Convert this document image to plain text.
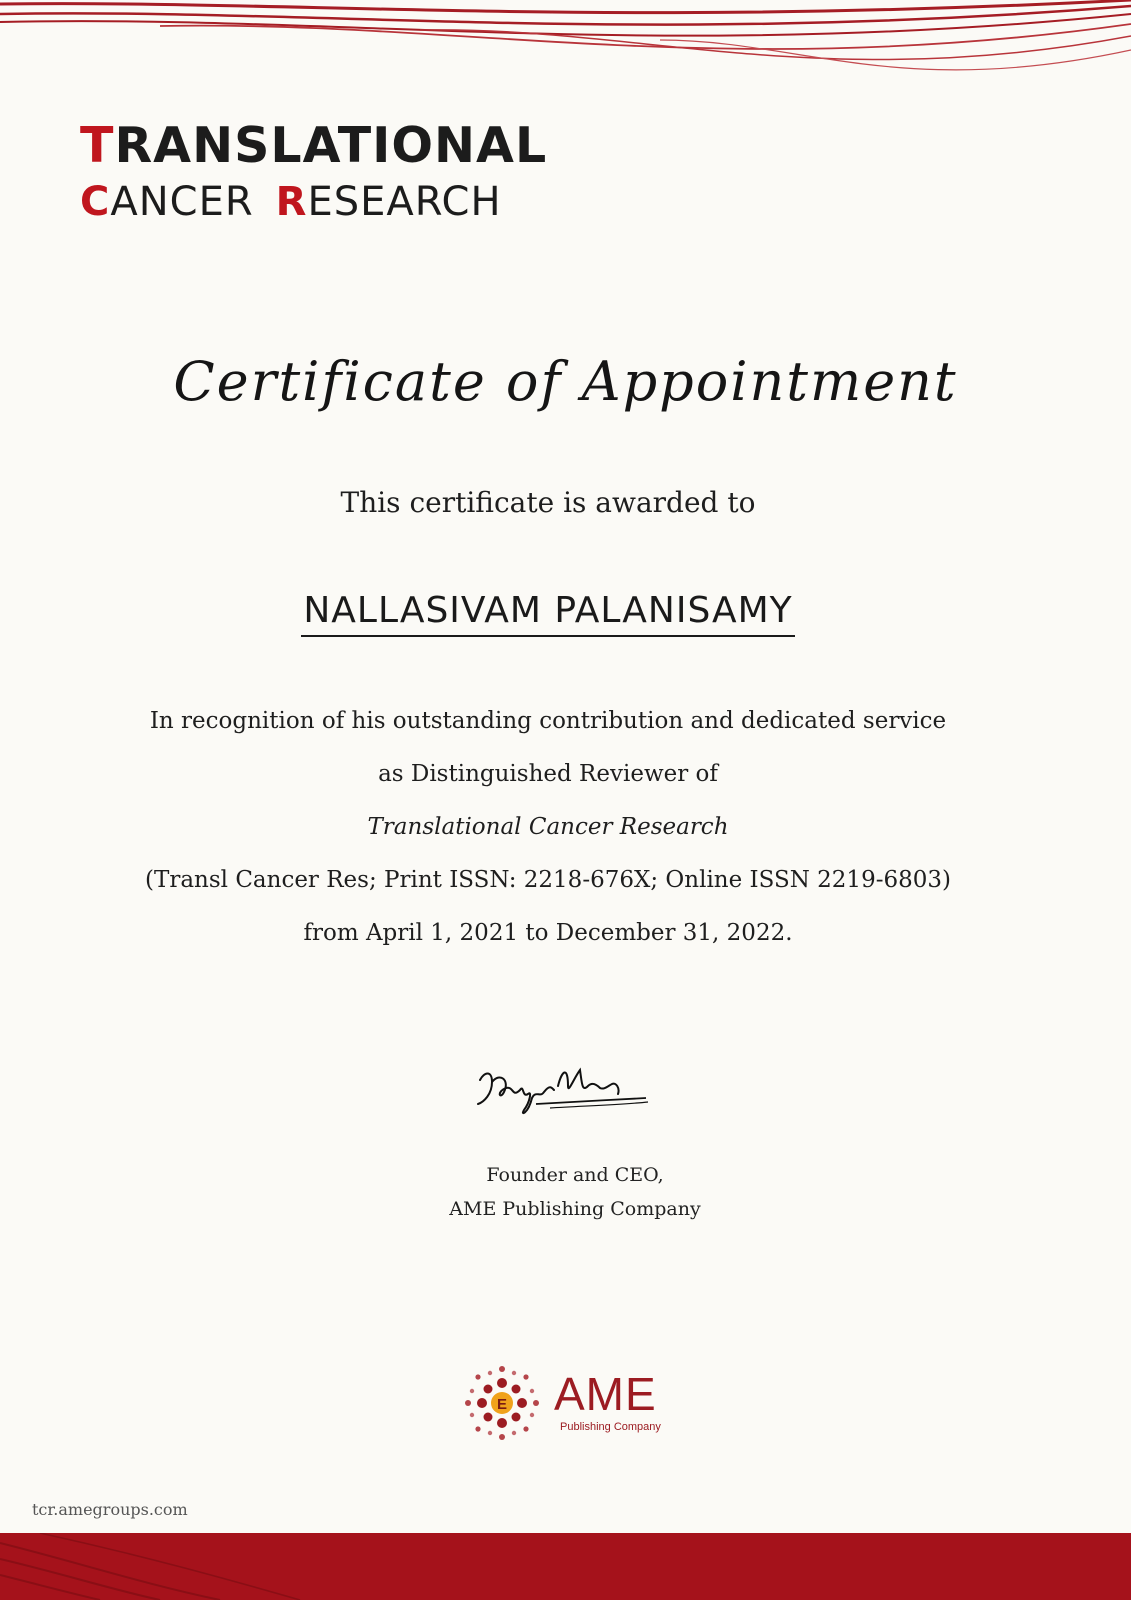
TRANSLATIONAL
CANCER RESEARCH
Certificate of Appointment
This certificate is awarded to
NALLASIVAM PALANISAMY
In recognition of his outstanding contribution and dedicated service
as Distinguished Reviewer of
Translational Cancer Research
(Transl Cancer Res; Print ISSN: 2218-676X; Online ISSN 2219-6803)
from April 1, 2021 to December 31, 2022.
Founder and CEO,
AME Publishing Company
E AME
Publishing Company
tcr.amegroups.com
